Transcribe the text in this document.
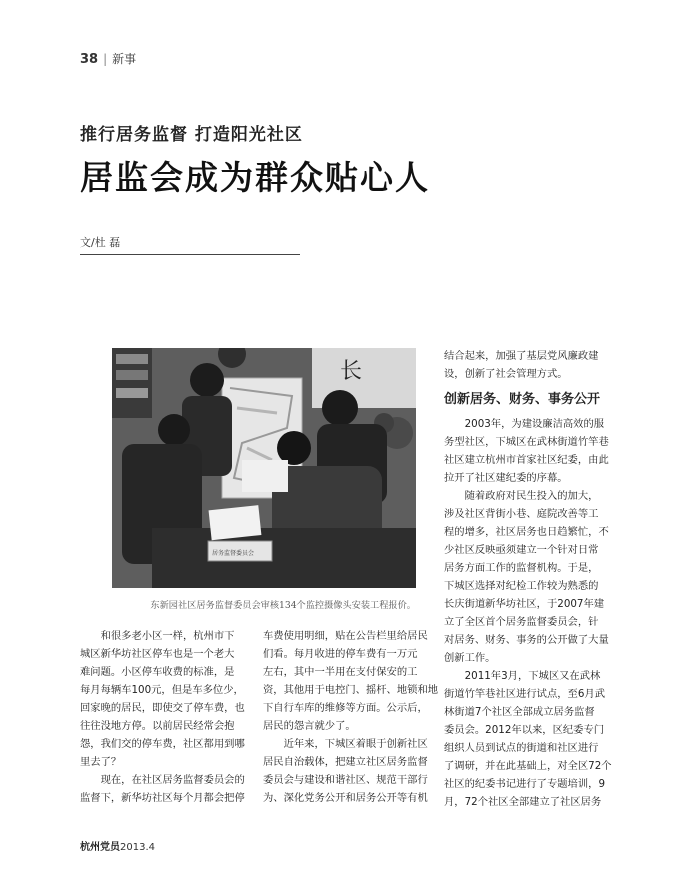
38 | 新事
推行居务监督 打造阳光社区
居监会成为群众贴心人
文/杜 磊
长
居务监督委员会
东新园社区居务监督委员会审核134个监控摄像头安装工程报价。

　　和很多老小区一样，杭州市下

城区新华坊社区停车也是一个老大

难问题。小区停车收费的标准，是

每月每辆车100元，但是车多位少，

回家晚的居民，即使交了停车费，也

往往没地方停。以前居民经常会抱

怨，我们交的停车费，社区都用到哪

里去了？

　　现在，在社区居务监督委员会的

监督下，新华坊社区每个月都会把停

车费使用明细，贴在公告栏里给居民

们看。每月收进的停车费有一万元

左右，其中一半用在支付保安的工

资，其他用于电控门、摇杆、地锁和地

下自行车库的维修等方面。公示后，

居民的怨言就少了。

　　近年来，下城区着眼于创新社区

居民自治载体，把建立社区居务监督

委员会与建设和谐社区、规范干部行

为、深化党务公开和居务公开等有机

结合起来，加强了基层党风廉政建

设，创新了社会管理方式。

创新居务、财务、事务公开

　　2003年，为建设廉洁高效的服

务型社区，下城区在武林街道竹竿巷

社区建立杭州市首家社区纪委，由此

拉开了社区建纪委的序幕。

　　随着政府对民生投入的加大，

涉及社区背街小巷、庭院改善等工

程的增多，社区居务也日趋繁忙，不

少社区反映亟须建立一个针对日常

居务方面工作的监督机构。于是，

下城区选择对纪检工作较为熟悉的

长庆街道新华坊社区，于2007年建

立了全区首个居务监督委员会，针

对居务、财务、事务的公开做了大量

创新工作。

　　2011年3月，下城区又在武林

街道竹竿巷社区进行试点，至6月武

林街道7个社区全部成立居务监督

委员会。2012年以来，区纪委专门

组织人员到试点的街道和社区进行

了调研，并在此基础上，对全区72个

社区的纪委书记进行了专题培训，9

月，72个社区全部建立了社区居务

杭州党员2013.4
